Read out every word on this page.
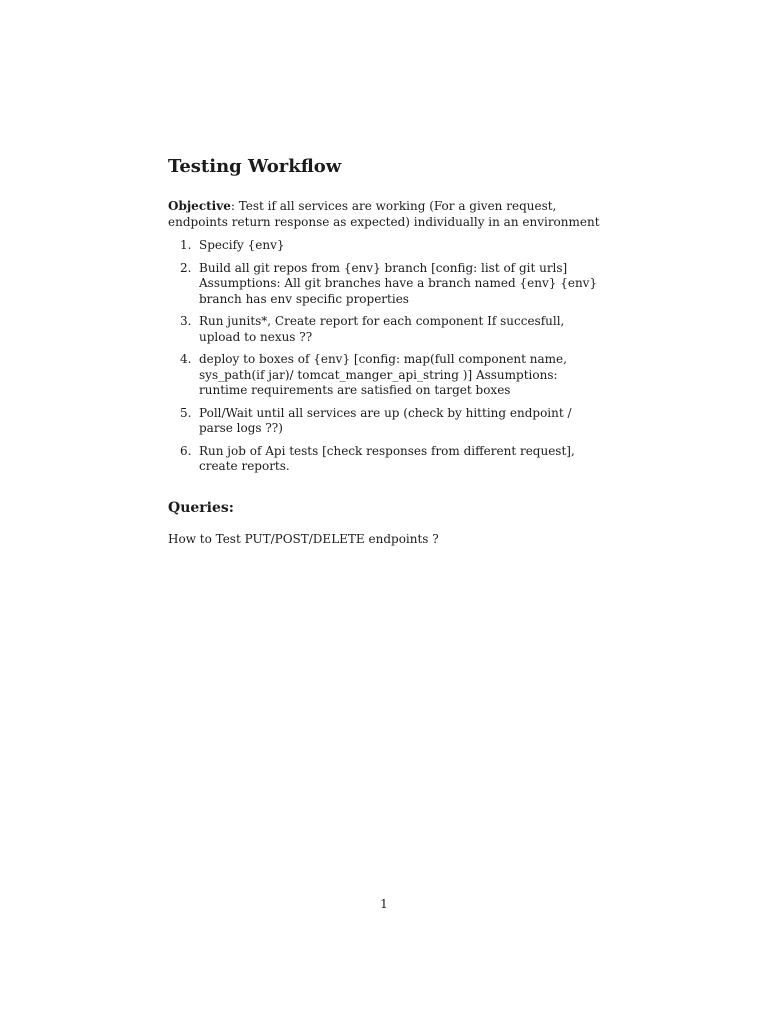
Testing Workflow

Objective: Test if all services are working (For a given request, endpoints return response as expected) individually in an environment

1. Specify {env}
2. Build all git repos from {env} branch [config: list of git urls] Assumptions: All git branches have a branch named {env} {env} branch has env specific properties
3. Run junits*, Create report for each component If succesfull, upload to nexus ??
4. deploy to boxes of {env} [config: map(full component name, sys_path(if jar)/ tomcat_manger_api_string )] Assumptions: runtime requirements are satisfied on target boxes
5. Poll/Wait until all services are up (check by hitting endpoint / parse logs ??)
6. Run job of Api tests [check responses from different request], create reports.
Queries:

How to Test PUT/POST/DELETE endpoints ?

1
